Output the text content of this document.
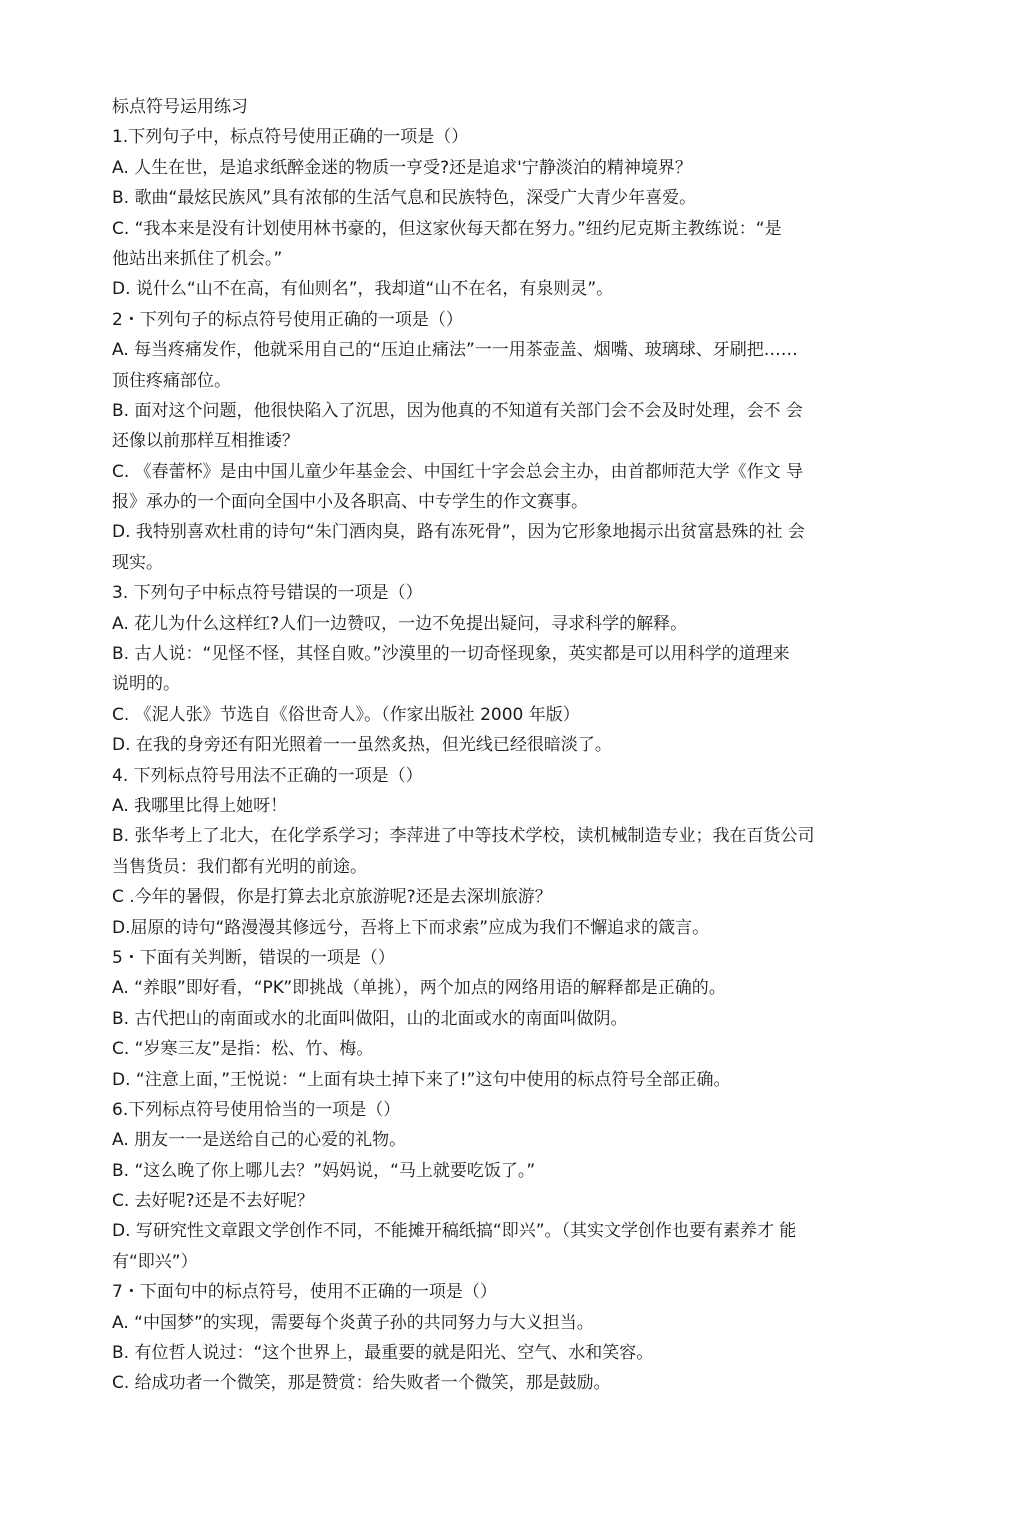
标点符号运用练习
1.下列句子中，标点符号使用正确的一项是（）
A. 人生在世，是追求纸醉金迷的物质一亨受?还是追求'宁静淡泊的精神境界？
B. 歌曲“最炫民族风”具有浓郁的生活气息和民族特色，深受广大青少年喜爱。
C. “我本来是没有计划使用林书豪的，但这家伙每天都在努力。”纽约尼克斯主教练说：“是
他站出来抓住了机会。”
D. 说什么“山不在高，有仙则名”，我却道“山不在名，有泉则灵”。
2・下列句子的标点符号使用正确的一项是（）
A. 每当疼痛发作，他就采用自己的“压迫止痛法”一一用茶壶盖、烟嘴、玻璃球、牙刷把……
顶住疼痛部位。
B. 面对这个问题，他很快陷入了沉思，因为他真的不知道有关部门会不会及时处理，会不 会
还像以前那样互相推诿？
C. 《春蕾杯》是由中国儿童少年基金会、中国红十字会总会主办，由首都师范大学《作文 导
报》承办的一个面向全国中小及各职高、中专学生的作文赛事。
D. 我特别喜欢杜甫的诗句“朱门酒肉臭，路有冻死骨”，因为它形象地揭示出贫富悬殊的社 会
现实。
3. 下列句子中标点符号错误的一项是（）
A. 花儿为什么这样红?人们一边赞叹，一边不免提出疑问，寻求科学的解释。
B. 古人说：“见怪不怪，其怪自败。”沙漠里的一切奇怪现象，英实都是可以用科学的道理来
说明的。
C. 《泥人张》节选自《俗世奇人》。（作家出版社 2000 年版）
D. 在我的身旁还有阳光照着一一虽然炙热，但光线已经很暗淡了。
4. 下列标点符号用法不正确的一项是（）
A. 我哪里比得上她呀！
B. 张华考上了北大，在化学系学习；李萍进了中等技术学校，读机械制造专业；我在百货公司
当售货员：我们都有光明的前途。
C .今年的暑假，你是打算去北京旅游呢?还是去深圳旅游？
D.屈原的诗句“路漫漫其修远兮，吾将上下而求索”应成为我们不懈追求的箴言。
5・下面有关判断，错误的一项是（）
A. “养眼”即好看，“PK”即挑战（单挑），两个加点的网络用语的解释都是正确的。
B. 古代把山的南面或水的北面叫做阳，山的北面或水的南面叫做阴。
C. “岁寒三友”是指：松、竹、梅。
D. “注意上面，”王悦说：“上面有块土掉下来了!”这句中使用的标点符号全部正确。
6.下列标点符号使用恰当的一项是（）
A. 朋友一一是送给自己的心爱的礼物。
B. “这么晚了你上哪儿去？”妈妈说，“马上就要吃饭了。”
C. 去好呢?还是不去好呢？
D. 写研究性文章跟文学创作不同，不能摊开稿纸搞“即兴”。（其实文学创作也要有素养才 能
有“即兴”）
7・下面句中的标点符号，使用不正确的一项是（）
A. “中国梦”的实现，需要每个炎黄子孙的共同努力与大义担当。
B. 有位哲人说过：“这个世界上，最重要的就是阳光、空气、水和笑容。
C. 给成功者一个微笑，那是赞赏：给失败者一个微笑，那是鼓励。
